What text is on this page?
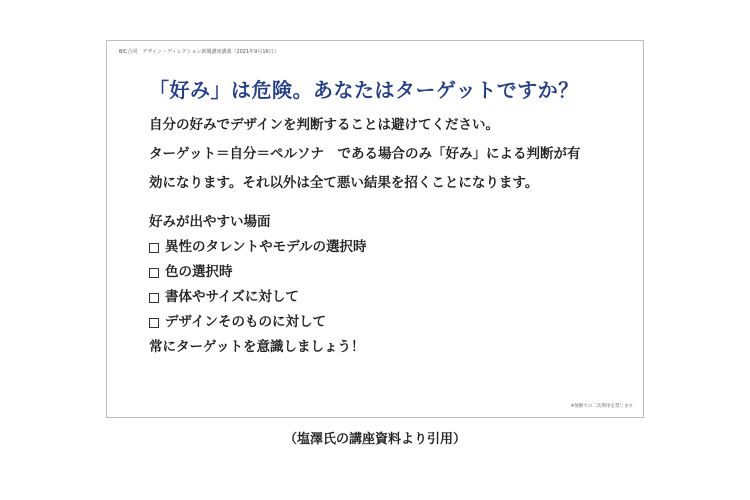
BIC合同　デザイン・ディレクション新聞講座講義（2021年9月16日）
「好み」は危険。あなたはターゲットですか？
自分の好みでデザインを判断することは避けてください。
ターゲット＝自分＝ペルソナ　である場合のみ「好み」による判断が有
効になります。それ以外は全て悪い結果を招くことになります。
好みが出やすい場面
異性のタレントやモデルの選択時
色の選択時
書体やサイズに対して
デザインそのものに対して
常にターゲットを意識しましょう！
※無断での二次利用を禁じます
（塩澤氏の講座資料より引用）
